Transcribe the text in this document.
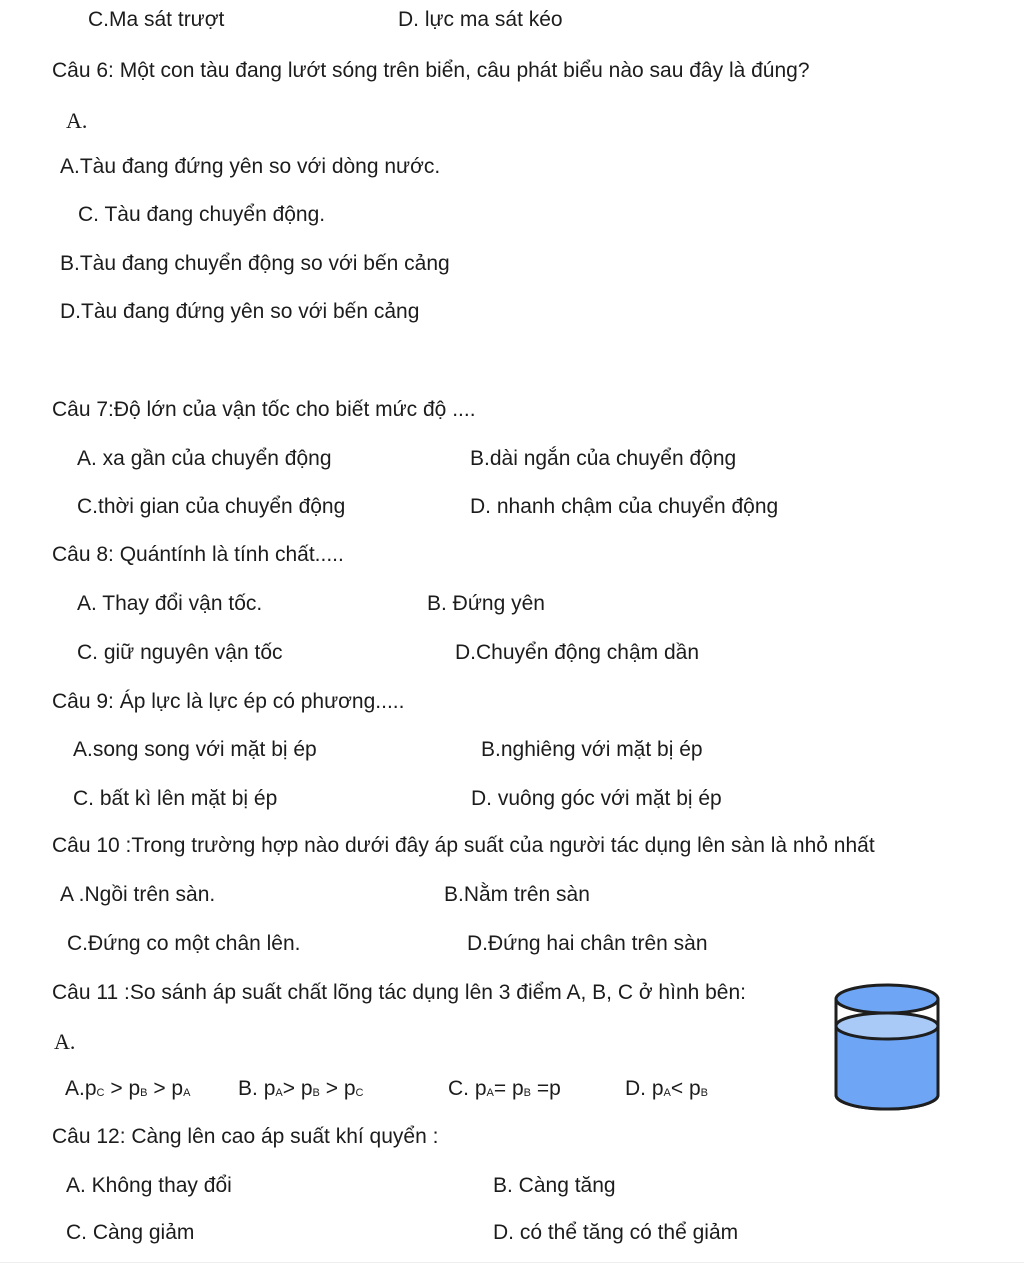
C.Ma sát trượt	D. lực ma sát kéo
Câu 6: Một con tàu đang lướt sóng trên biển, câu phát biểu nào sau đây là đúng?
A.
A.Tàu đang đứng yên so với dòng nước.
C. Tàu đang chuyển động.
B.Tàu đang chuyển động so với bến cảng
D.Tàu đang đứng yên so với bến cảng
Câu 7:Độ lớn của vận tốc cho biết mức độ ....
A. xa gần của chuyển động	B.dài ngắn của chuyển động
C.thời gian của chuyển động	D. nhanh chậm của chuyển động
Câu 8: Quántính là tính chất.....
A. Thay đổi vận tốc.	B. Đứng yên
C. giữ nguyên vận tốc	D.Chuyển động chậm dần
Câu 9: Áp lực là lực ép có phương.....
A.song song với mặt bị ép	B.nghiêng với mặt bị ép
C. bất kì lên mặt bị ép	D. vuông góc với mặt bị ép
Câu 10 :Trong trường hợp nào dưới đây áp suất của người tác dụng lên sàn là nhỏ nhất
A .Ngồi trên sàn.	B.Nằm trên sàn
C.Đứng co một chân lên.	D.Đứng hai chân trên sàn
Câu 11 :So sánh áp suất chất lõng tác dụng lên 3 điểm A, B, C ở hình bên:
A.
A.pC > pB > pA B. pA> pB > pC	C. pA= pB =p	D. pA< pB
Câu 12: Càng lên cao áp suất khí quyển :
A. Không thay đổi	B. Càng tăng
C. Càng giảm	D. có thể tăng có thể giảm
